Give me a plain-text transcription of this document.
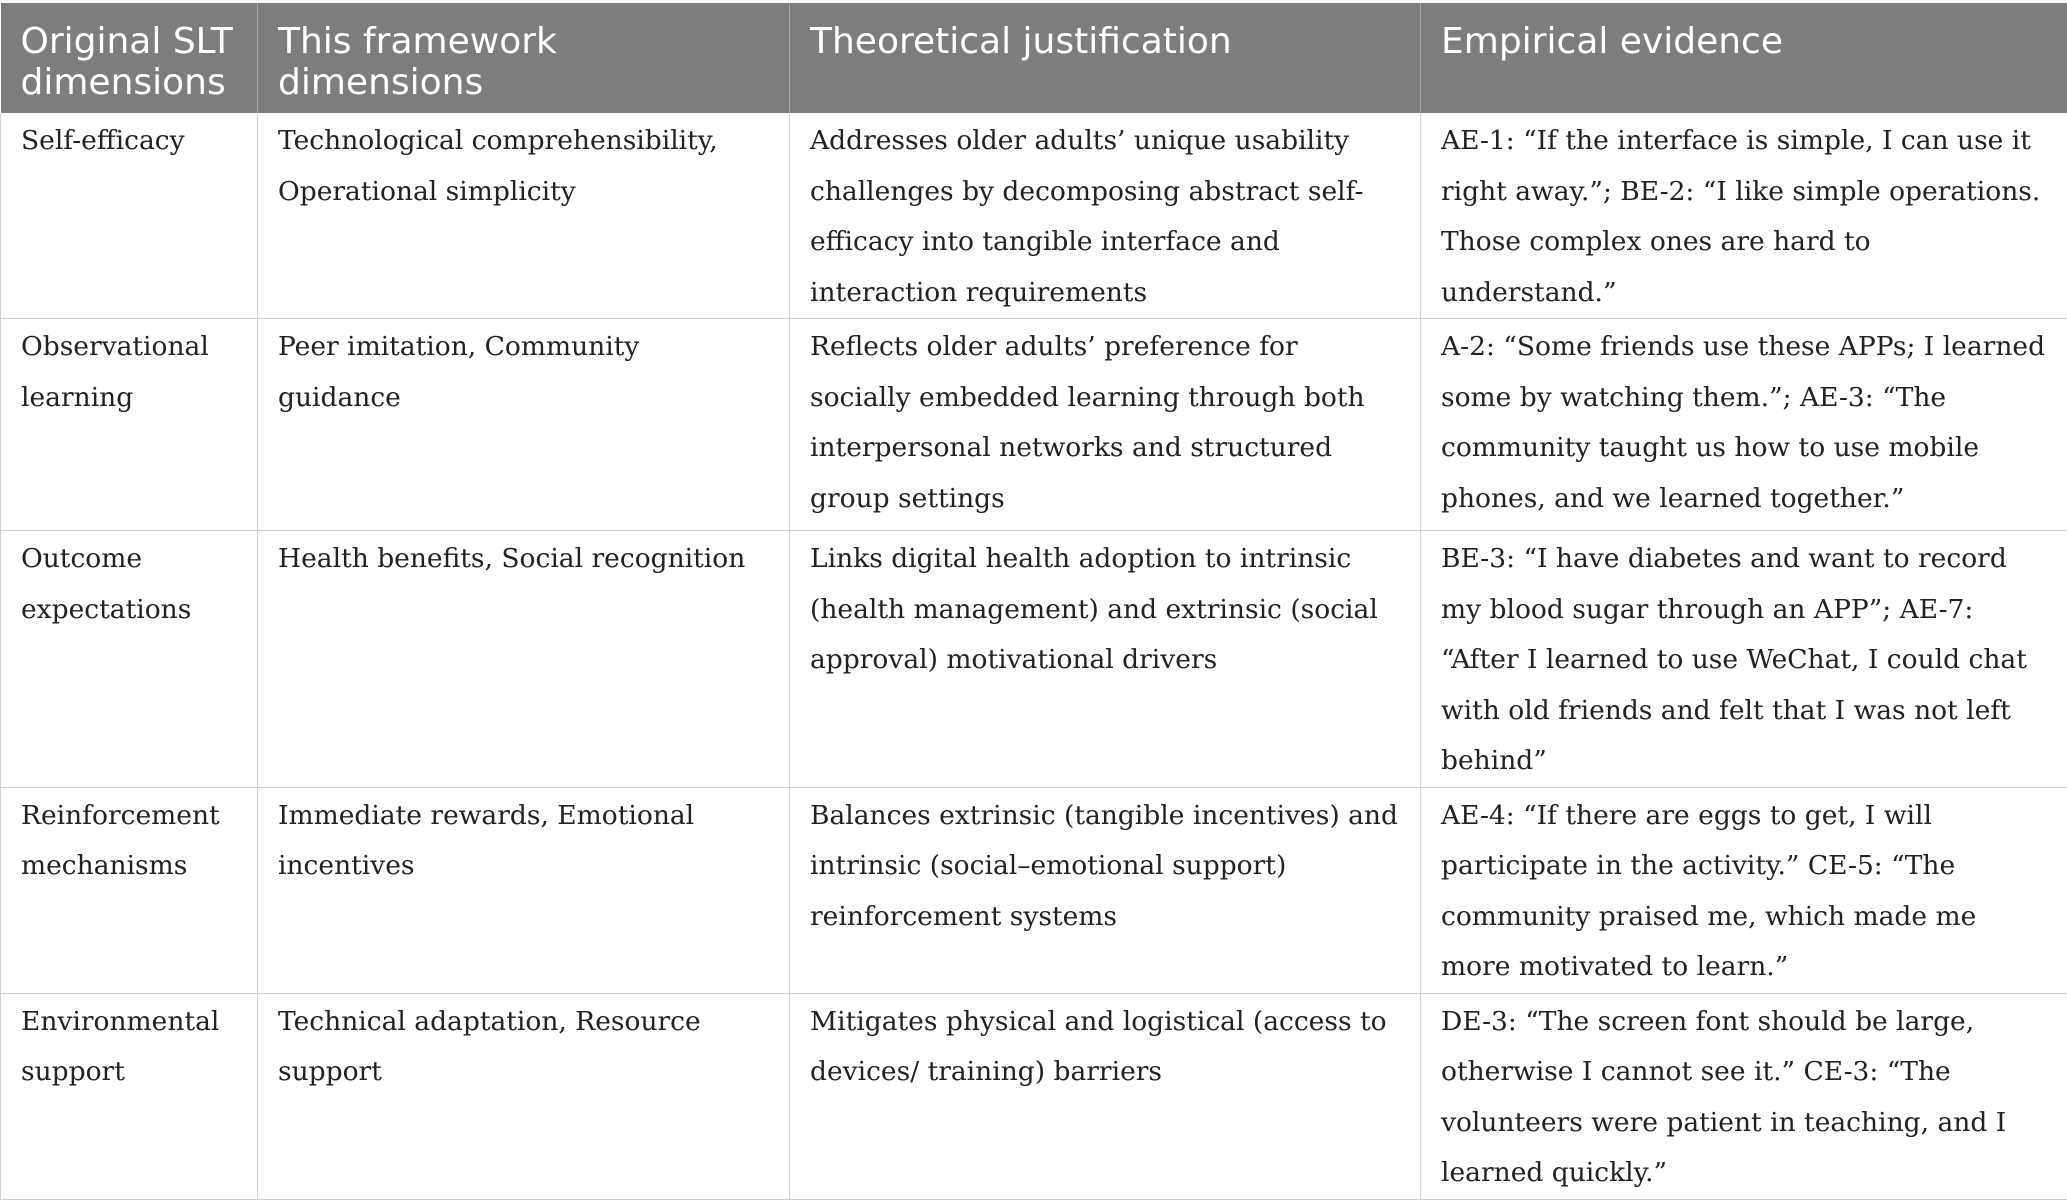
Original SLT dimensions	This framework dimensions	Theoretical justification	Empirical evidence
Self-efficacy	Technological comprehensibility, Operational simplicity	Addresses older adults’ unique usability challenges by decomposing abstract self-efficacy into tangible interface and interaction requirements	AE-1: “If the interface is simple, I can use it right away.”; BE-2: “I like simple operations. Those complex ones are hard to understand.”
Observational learning	Peer imitation, Community guidance	Reflects older adults’ preference for socially embedded learning through both interpersonal networks and structured group settings	A-2: “Some friends use these APPs; I learned some by watching them.”; AE-3: “The community taught us how to use mobile phones, and we learned together.”
Outcome expectations	Health benefits, Social recognition	Links digital health adoption to intrinsic (health management) and extrinsic (social approval) motivational drivers	BE-3: “I have diabetes and want to record my blood sugar through an APP”; AE-7: “After I learned to use WeChat, I could chat with old friends and felt that I was not left behind”
Reinforcement mechanisms	Immediate rewards, Emotional incentives	Balances extrinsic (tangible incentives) and intrinsic (social–emotional support) reinforcement systems	AE-4: “If there are eggs to get, I will participate in the activity.” CE-5: “The community praised me, which made me more motivated to learn.”
Environmental support	Technical adaptation, Resource support	Mitigates physical and logistical (access to devices/ training) barriers	DE-3: “The screen font should be large, otherwise I cannot see it.” CE-3: “The volunteers were patient in teaching, and I learned quickly.”
